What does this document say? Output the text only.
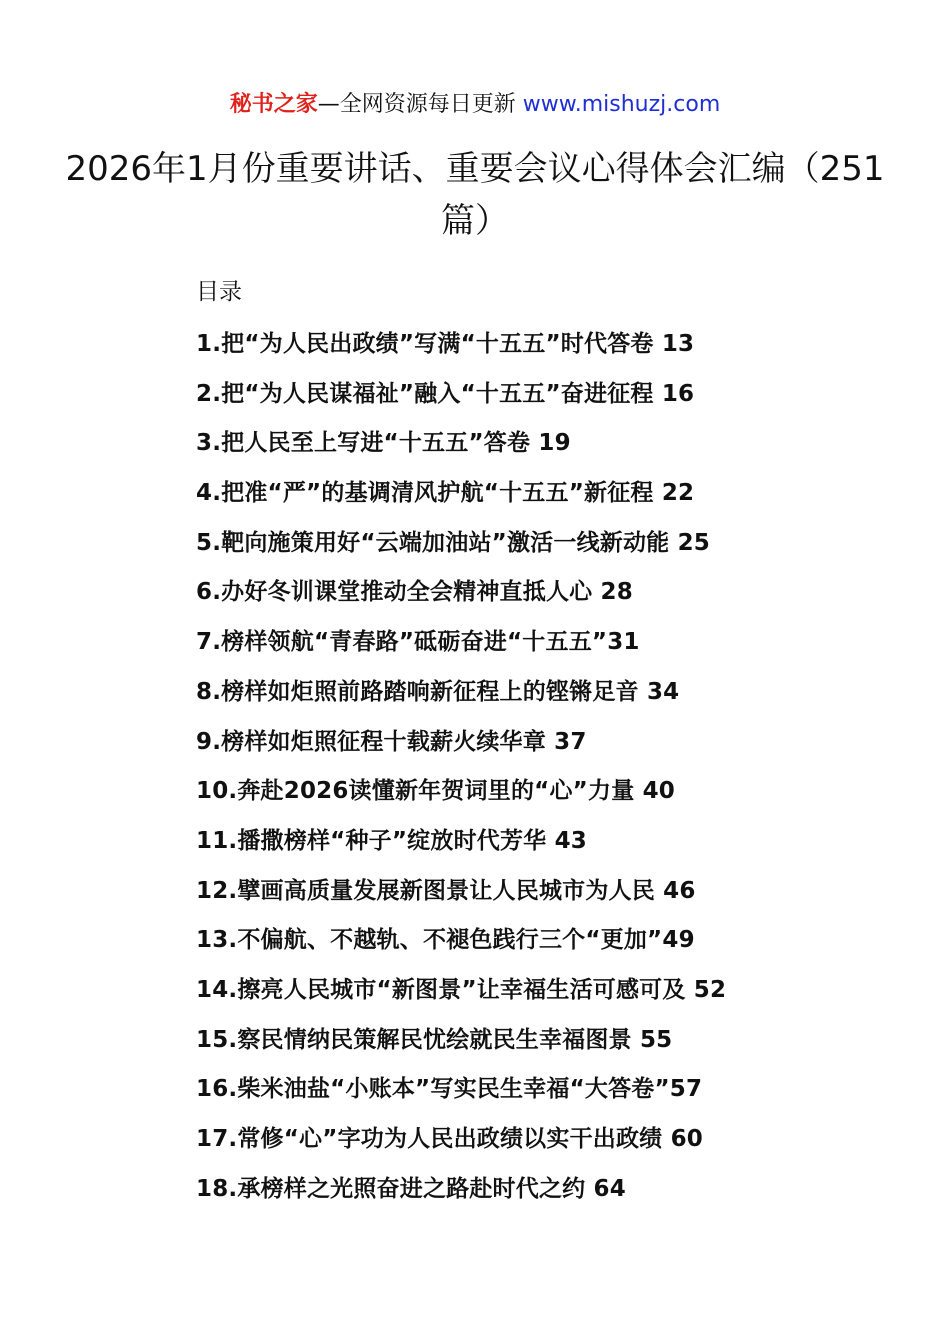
秘书之家—全网资源每日更新 www.mishuzj.com
2026年1月份重要讲话、重要会议心得体会汇编（251篇）
目录
1.把“为人民出政绩”写满“十五五”时代答卷 13
2.把“为人民谋福祉”融入“十五五”奋进征程 16
3.把人民至上写进“十五五”答卷 19
4.把准“严”的基调清风护航“十五五”新征程 22
5.靶向施策用好“云端加油站”激活一线新动能 25
6.办好冬训课堂推动全会精神直抵人心 28
7.榜样领航“青春路”砥砺奋进“十五五”31
8.榜样如炬照前路踏响新征程上的铿锵足音 34
9.榜样如炬照征程十载薪火续华章 37
10.奔赴2026读懂新年贺词里的“心”力量 40
11.播撒榜样“种子”绽放时代芳华 43
12.擘画高质量发展新图景让人民城市为人民 46
13.不偏航、不越轨、不褪色践行三个“更加”49
14.擦亮人民城市“新图景”让幸福生活可感可及 52
15.察民情纳民策解民忧绘就民生幸福图景 55
16.柴米油盐“小账本”写实民生幸福“大答卷”57
17.常修“心”字功为人民出政绩以实干出政绩 60
18.承榜样之光照奋进之路赴时代之约 64
